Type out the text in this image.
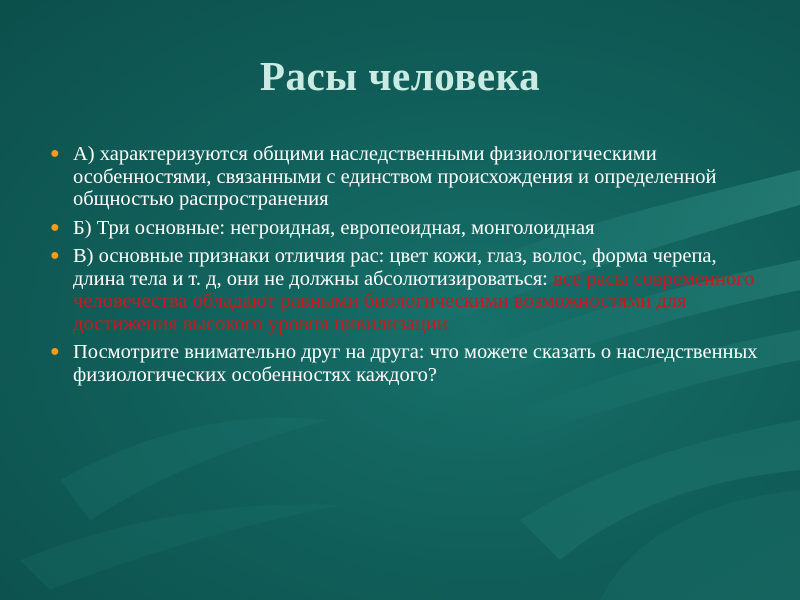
Расы человека
● А) характеризуются общими наследственными физиологическими особенностями, связанными с единством происхождения и определенной общностью распространения
● Б) Три основные: негроидная, европеоидная, монголоидная
● В) основные признаки отличия рас: цвет кожи, глаз, волос, форма черепа, длина тела и т. д, они не должны абсолютизироваться: все расы современного человечества обладают равными биологическими возможностями для достижения высокого уровня цивилизации
● Посмотрите внимательно друг на друга: что можете сказать о наследственных физиологических особенностях каждого?
